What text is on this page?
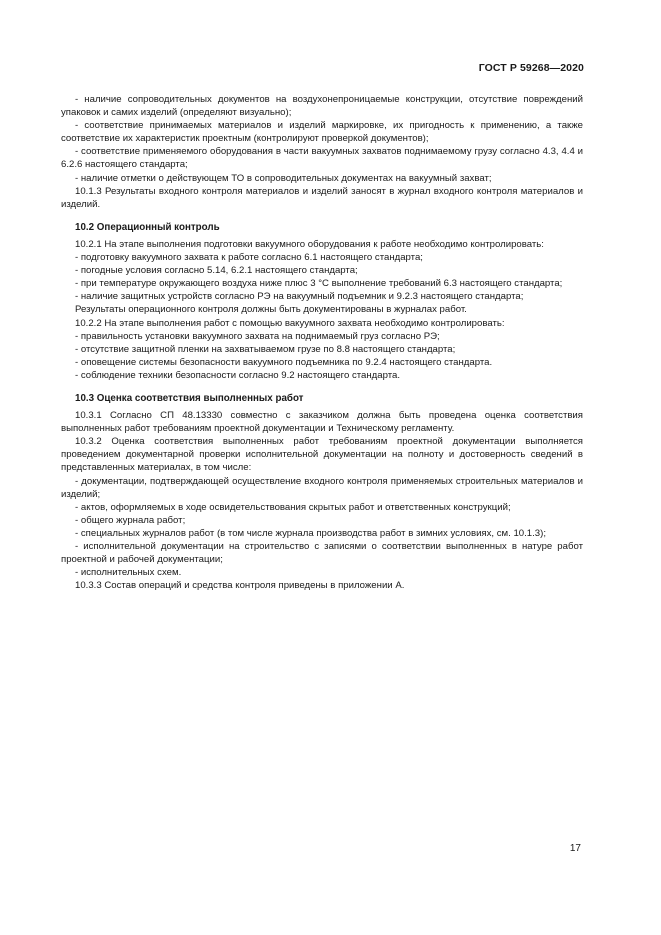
ГОСТ Р 59268—2020

- наличие сопроводительных документов на воздухонепроницаемые конструкции, отсутствие повреждений упаковок и самих изделий (определяют визуально);

- соответствие принимаемых материалов и изделий маркировке, их пригодность к применению, а также соответствие их характеристик проектным (контролируют проверкой документов);

- соответствие применяемого оборудования в части вакуумных захватов поднимаемому грузу согласно 4.3, 4.4 и 6.2.6 настоящего стандарта;

- наличие отметки о действующем ТО в сопроводительных документах на вакуумный захват;

10.1.3 Результаты входного контроля материалов и изделий заносят в журнал входного контроля материалов и изделий.

10.2 Операционный контроль

10.2.1 На этапе выполнения подготовки вакуумного оборудования к работе необходимо контролировать:

- подготовку вакуумного захвата к работе согласно 6.1 настоящего стандарта;

- погодные условия согласно 5.14, 6.2.1 настоящего стандарта;

- при температуре окружающего воздуха ниже плюс 3 °С выполнение требований 6.3 настоящего стандарта;

- наличие защитных устройств согласно РЭ на вакуумный подъемник и 9.2.3 настоящего стандарта;

Результаты операционного контроля должны быть документированы в журналах работ.

10.2.2 На этапе выполнения работ с помощью вакуумного захвата необходимо контролировать:

- правильность установки вакуумного захвата на поднимаемый груз согласно РЭ;

- отсутствие защитной пленки на захватываемом грузе по 8.8 настоящего стандарта;

- оповещение системы безопасности вакуумного подъемника по 9.2.4 настоящего стандарта.

- соблюдение техники безопасности согласно 9.2 настоящего стандарта.

10.3 Оценка соответствия выполненных работ

10.3.1 Согласно СП 48.13330 совместно с заказчиком должна быть проведена оценка соответствия выполненных работ требованиям проектной документации и Техническому регламенту.

10.3.2 Оценка соответствия выполненных работ требованиям проектной документации выполняется проведением документарной проверки исполнительной документации на полноту и достоверность сведений в представленных материалах, в том числе:

- документации, подтверждающей осуществление входного контроля применяемых строительных материалов и изделий;

- актов, оформляемых в ходе освидетельствования скрытых работ и ответственных конструкций;

- общего журнала работ;

- специальных журналов работ (в том числе журнала производства работ в зимних условиях, см. 10.1.3);

- исполнительной документации на строительство с записями о соответствии выполненных в натуре работ проектной и рабочей документации;

- исполнительных схем.

10.3.3 Состав операций и средства контроля приведены в приложении А.

17
